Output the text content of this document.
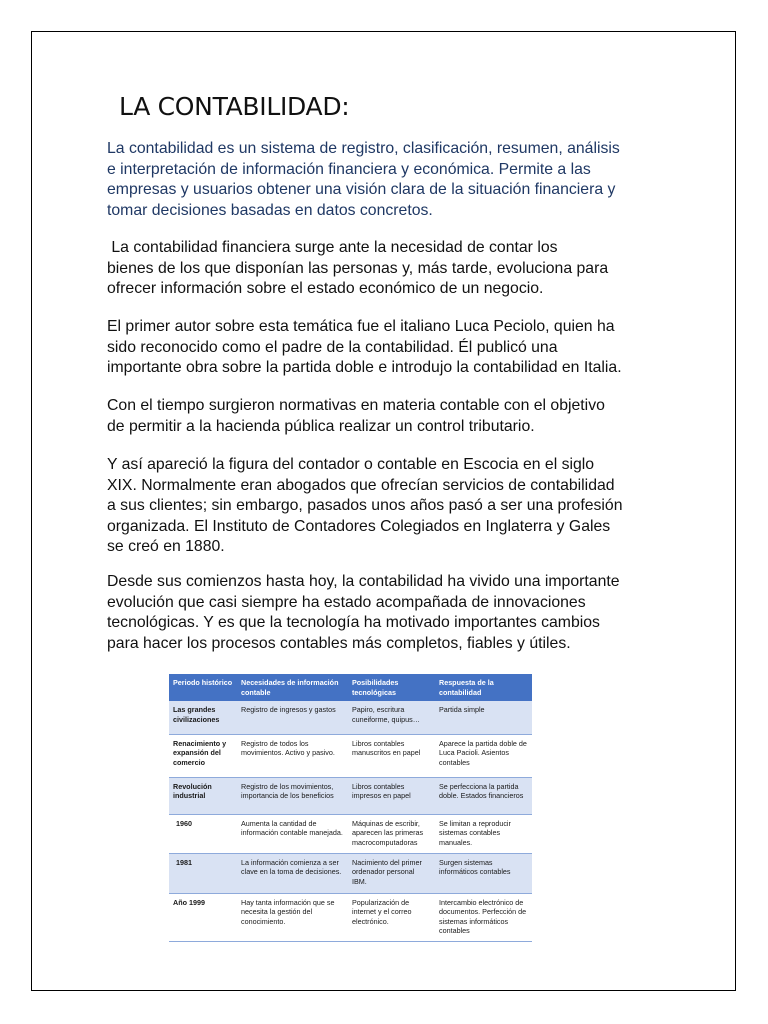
LA CONTABILIDAD:

La contabilidad es un sistema de registro, clasificación, resumen, análisis
e interpretación de información financiera y económica. Permite a las
empresas y usuarios obtener una visión clara de la situación financiera y
tomar decisiones basadas en datos concretos.

La contabilidad financiera surge ante la necesidad de contar los
bienes de los que disponían las personas y, más tarde, evoluciona para
ofrecer información sobre el estado económico de un negocio.

El primer autor sobre esta temática fue el italiano Luca Peciolo, quien ha
sido reconocido como el padre de la contabilidad. Él publicó una
importante obra sobre la partida doble e introdujo la contabilidad en Italia.

Con el tiempo surgieron normativas en materia contable con el objetivo
de permitir a la hacienda pública realizar un control tributario.

Y así apareció la figura del contador o contable en Escocia en el siglo
XIX. Normalmente eran abogados que ofrecían servicios de contabilidad
a sus clientes; sin embargo, pasados unos años pasó a ser una profesión
organizada. El Instituto de Contadores Colegiados en Inglaterra y Gales
se creó en 1880.

Desde sus comienzos hasta hoy, la contabilidad ha vivido una importante
evolución que casi siempre ha estado acompañada de innovaciones
tecnológicas. Y es que la tecnología ha motivado importantes cambios
para hacer los procesos contables más completos, fiables y útiles.

Periodo histórico	Necesidades de información contable	Posibilidades tecnológicas	Respuesta de la contabilidad
Las grandes civilizaciones	Registro de ingresos y gastos	Papiro, escritura cuneiforme, quipus…	Partida simple
Renacimiento y expansión del comercio	Registro de todos los movimientos. Activo y pasivo.	Libros contables manuscritos en papel	Aparece la partida doble de Luca Pacioli. Asientos contables
Revolución industrial	Registro de los movimientos, importancia de los beneficios	Libros contables impresos en papel	Se perfecciona la partida doble. Estados financieros
1960	Aumenta la cantidad de información contable manejada.	Máquinas de escribir, aparecen las primeras macrocomputadoras	Se limitan a reproducir sistemas contables manuales.
1981	La información comienza a ser clave en la toma de decisiones.	Nacimiento del primer ordenador personal IBM.	Surgen sistemas informáticos contables
Año 1999	Hay tanta información que se necesita la gestión del conocimiento.	Popularización de internet y el correo electrónico.	Intercambio electrónico de documentos. Perfección de sistemas informáticos contables
